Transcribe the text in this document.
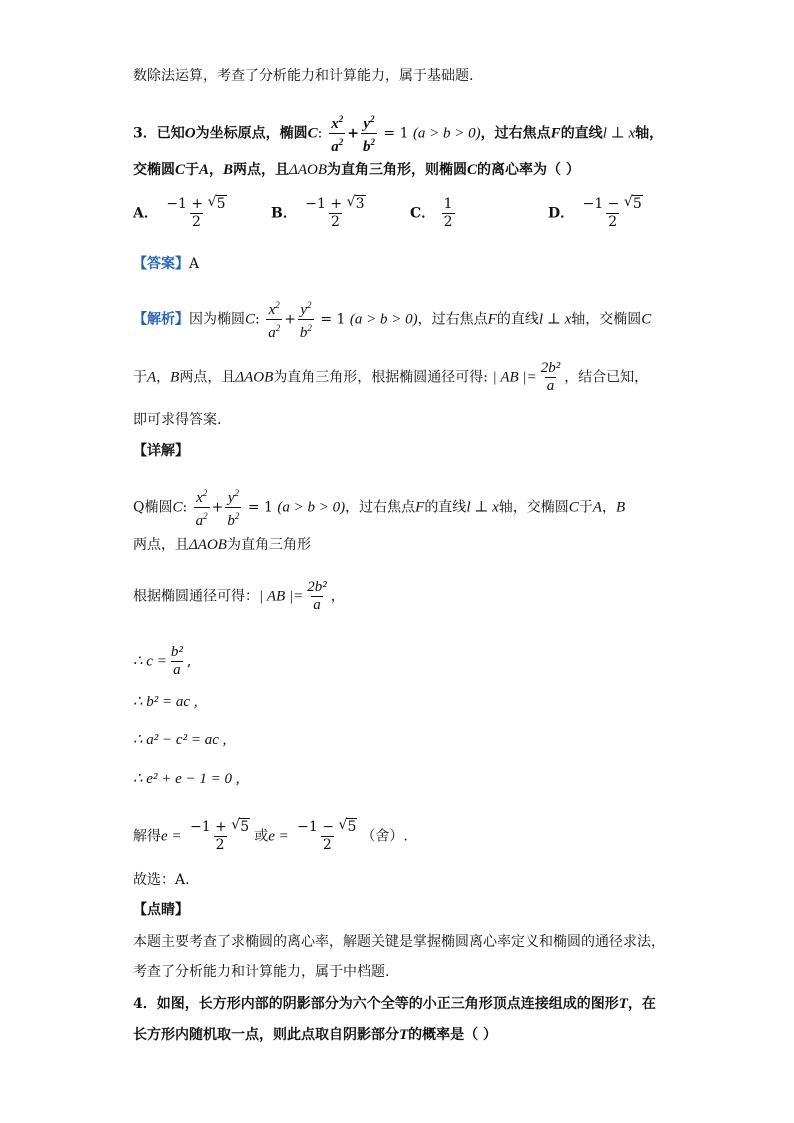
数除法运算，考查了分析能力和计算能力，属于基础题.
3．已知O为坐标原点，椭圆C: $\frac{x^2}{a^2} + \frac{y^2}{b^2} = 1$ (a > b > 0)，过右焦点F的直线l ⊥ x轴，
交椭圆C于A，B两点，且ΔAOB为直角三角形，则椭圆C的离心率为（ ）
A． $\frac{-1 + √ 5}{2}$	B． $\frac{-1 + √ 3}{2}$	C． $\frac{1}{2}$	D． $\frac{-1 - √ 5}{2}$
【答案】A
【解析】因为椭圆C: $\frac{x^2}{a^2} + \frac{y^2}{b^2} = 1$ (a > b > 0)，过右焦点F的直线l ⊥ x轴，交椭圆C
于A，B两点，且ΔAOB为直角三角形，根据椭圆通径可得: | AB |= $\frac{\text{2b²}}{a}$ ，结合已知，
即可求得答案.
【详解】
Q椭圆C: $\frac{x^2}{a^2} + \frac{y^2}{b^2} = 1$ (a > b > 0)，过右焦点F的直线l ⊥ x轴，交椭圆C于A，B
两点，且ΔAOB为直角三角形
根据椭圆通径可得：| AB |= $\frac{\text{2b²}}{a}$ ，
∴ $c = \frac{\text{b²}}{a}$ ,
∴ b² = ac ,
∴ a² − c² = ac ,
∴ e² + e − 1 = 0 ,
解得$e = \frac{-1 + √ 5}{2}$ 或$e = \frac{-1 - √ 5}{2}$ （舍）.
故选：A.
【点睛】
本题主要考查了求椭圆的离心率，解题关键是掌握椭圆离心率定义和椭圆的通径求法，
考查了分析能力和计算能力，属于中档题.
4．如图，长方形内部的阴影部分为六个全等的小正三角形顶点连接组成的图形T，在
长方形内随机取一点，则此点取自阴影部分T的概率是（ ）
